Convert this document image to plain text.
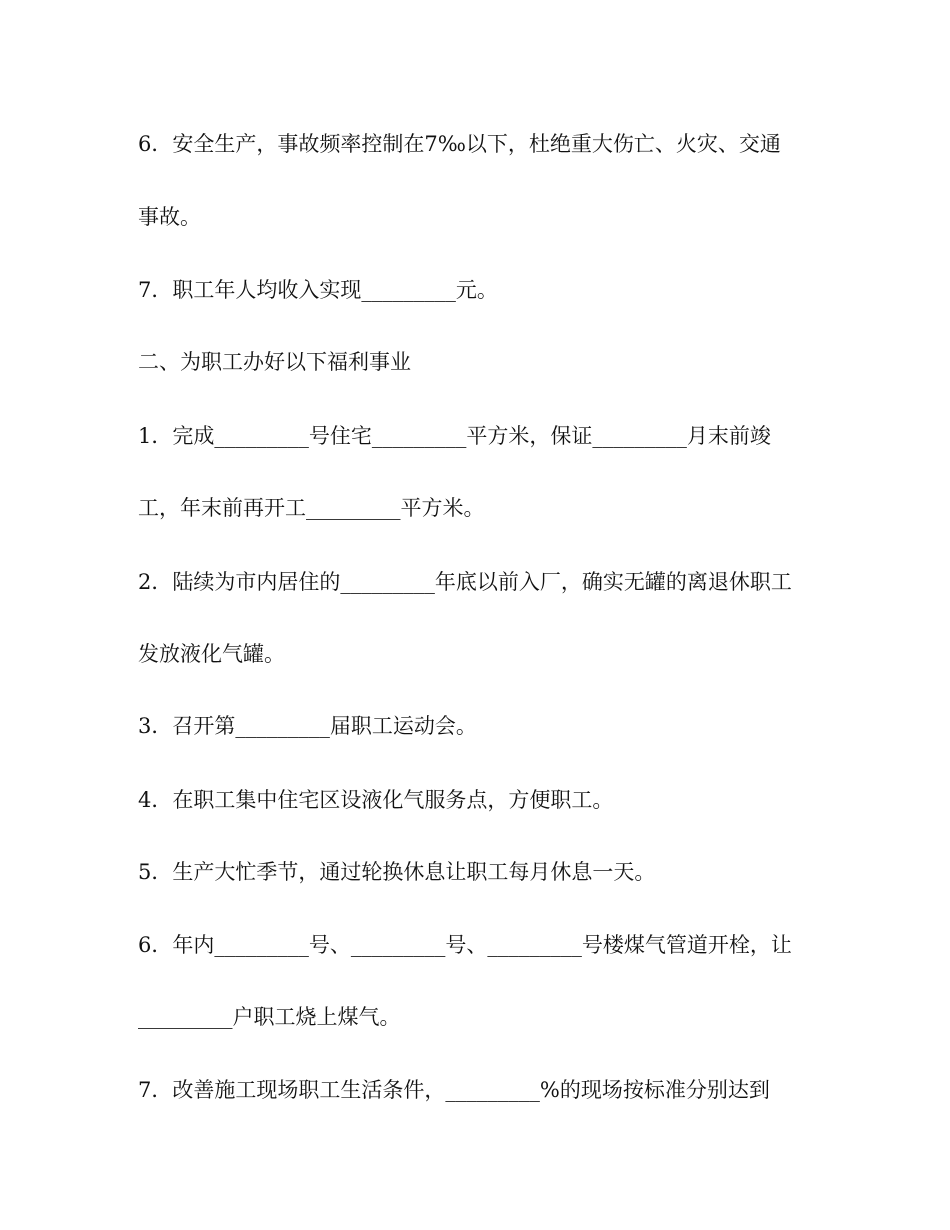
6．安全生产，事故频率控制在7‰以下，杜绝重大伤亡、火灾、交通
事故。
7．职工年人均收入实现_________元。
二、为职工办好以下福利事业
1．完成_________号住宅_________平方米，保证_________月末前竣
工，年末前再开工_________平方米。
2．陆续为市内居住的_________年底以前入厂，确实无罐的离退休职工
发放液化气罐。
3．召开第_________届职工运动会。
4．在职工集中住宅区设液化气服务点，方便职工。
5．生产大忙季节，通过轮换休息让职工每月休息一天。
6．年内_________号、_________号、_________号楼煤气管道开栓，让
_________户职工烧上煤气。
7．改善施工现场职工生活条件，_________%的现场按标准分别达到
